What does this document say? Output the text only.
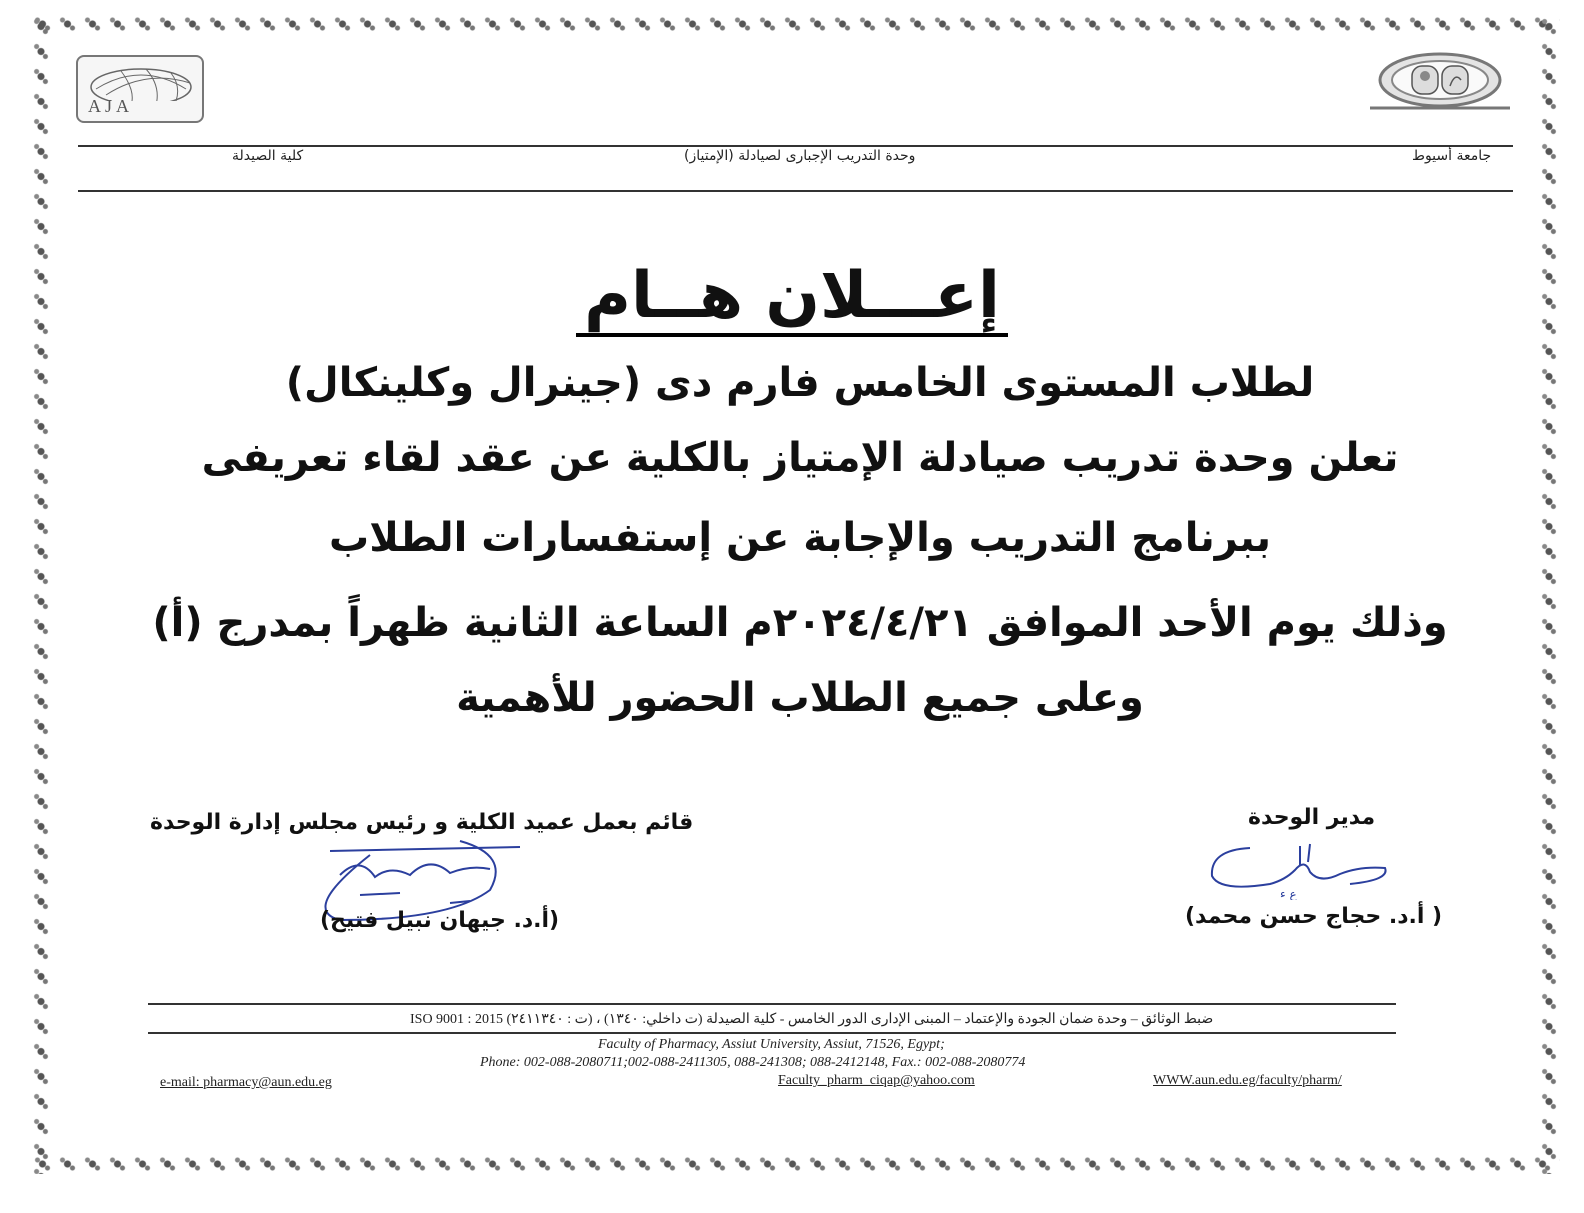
AJA
جامعة أسيوط
وحدة التدريب الإجبارى لصيادلة (الإمتياز)
كلية الصيدلة
إعـــلان هــام
لطلاب المستوى الخامس فارم دى (جينرال وكلينكال)
تعلن وحدة تدريب صيادلة الإمتياز بالكلية عن عقد لقاء تعريفى
ببرنامج التدريب والإجابة عن إستفسارات الطلاب
وذلك يوم الأحد الموافق ٢٠٢٤/٤/٢١م الساعة الثانية ظهراً بمدرج (أ)
وعلى جميع الطلاب الحضور للأهمية
مدير الوحدة
ع ء
( أ.د. حجاج حسن محمد)
قائم بعمل عميد الكلية و رئيس مجلس إدارة الوحدة
(أ.د. جيهان نبيل فتيح)
ضبط الوثائق – وحدة ضمان الجودة والإعتماد – المبنى الإدارى الدور الخامس - كلية الصيدلة (ت داخلي: ١٣٤٠) ، (ت : ٢٤١١٣٤٠) ISO 9001 : 2015
Faculty of Pharmacy, Assiut University, Assiut, 71526, Egypt;
Phone: 002-088-2080711;002-088-2411305, 088-241308; 088-2412148, Fax.: 002-088-2080774
e-mail: pharmacy@aun.edu.eg	Faculty_pharm_ciqap@yahoo.com	WWW.aun.edu.eg/faculty/pharm/
